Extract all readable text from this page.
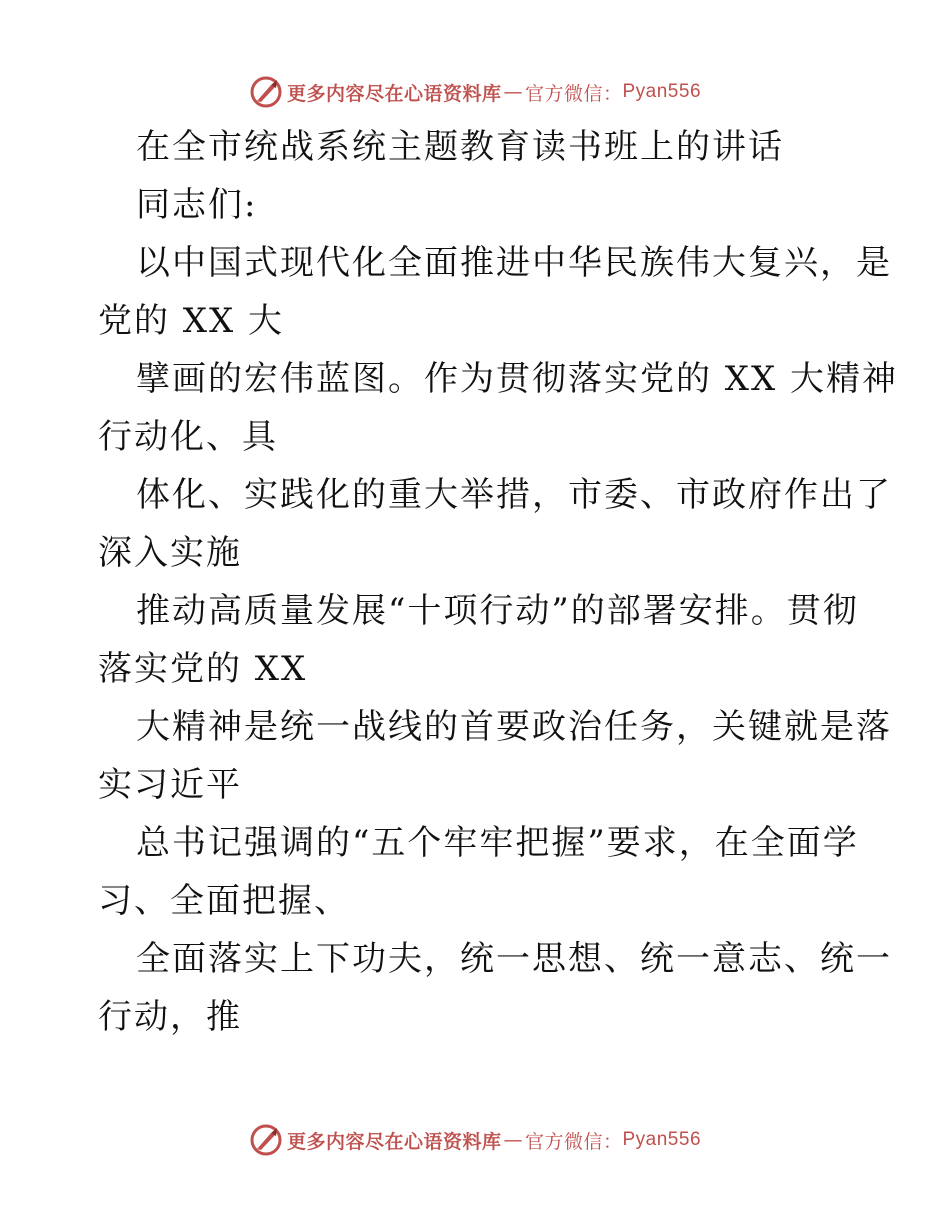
更多内容尽在心语资料库 — 官方微信： Pyan556
在全市统战系统主题教育读书班上的讲话
同志们:
以中国式现代化全面推进中华民族伟大复兴，是
党的 XX 大
擘画的宏伟蓝图。作为贯彻落实党的 XX 大精神
行动化、具
体化、实践化的重大举措，市委、市政府作出了
深入实施
推动高质量发展“十项行动”的部署安排。贯彻
落实党的 XX
大精神是统一战线的首要政治任务，关键就是落
实习近平
总书记强调的“五个牢牢把握”要求，在全面学
习、全面把握、
全面落实上下功夫，统一思想、统一意志、统一
行动，推
更多内容尽在心语资料库 — 官方微信： Pyan556
